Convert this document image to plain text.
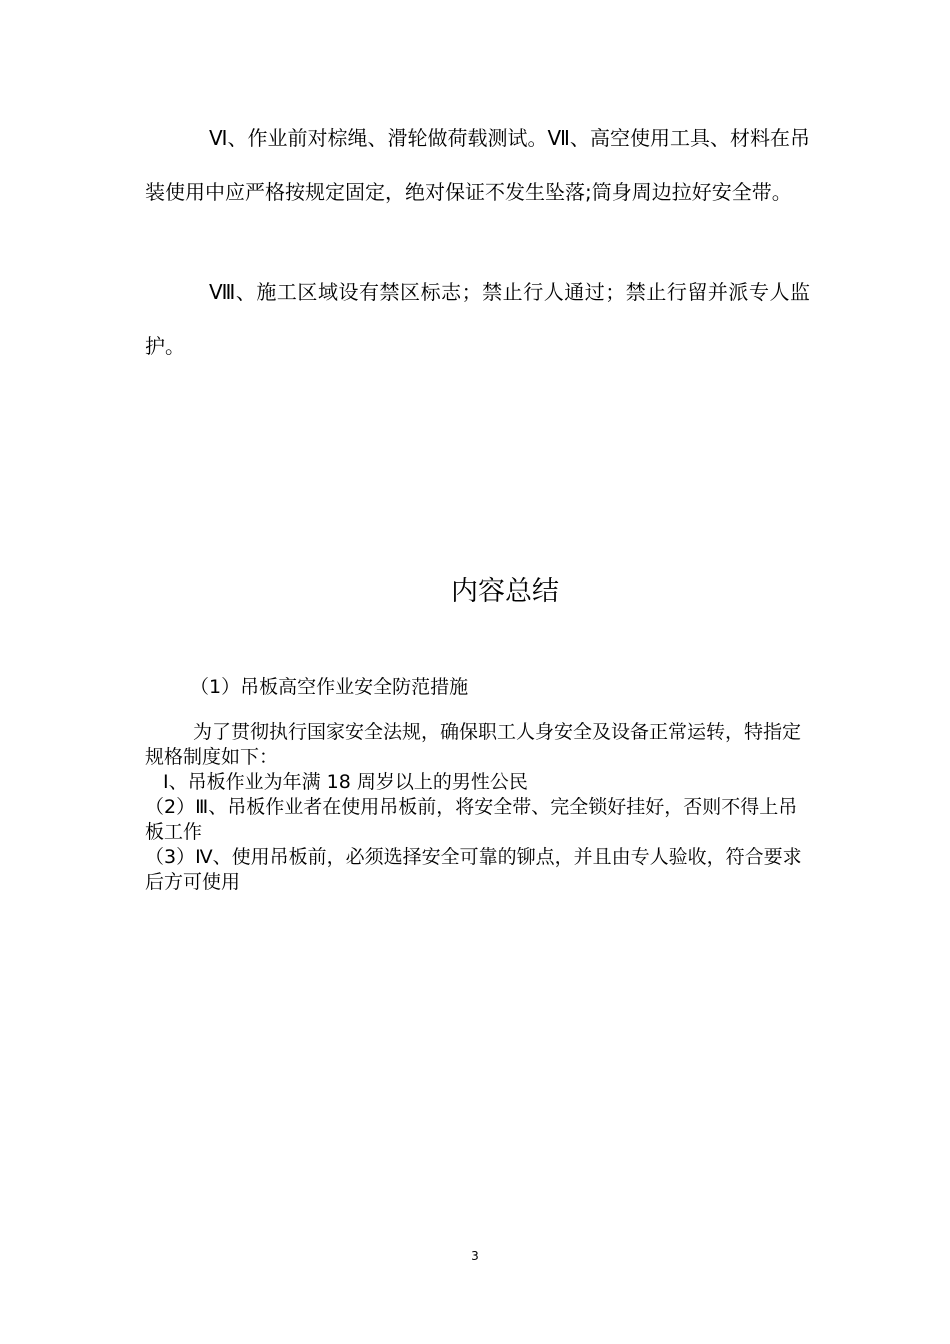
Ⅵ、作业前对棕绳、滑轮做荷载测试。Ⅶ、高空使用工具、材料在吊装使用中应严格按规定固定，绝对保证不发生坠落;筒身周边拉好安全带。

Ⅷ、施工区域设有禁区标志；禁止行人通过；禁止行留并派专人监护。

内容总结

（1）吊板高空作业安全防范措施

为了贯彻执行国家安全法规，确保职工人身安全及设备正常运转，特指定规格制度如下：
Ⅰ、吊板作业为年满 18 周岁以上的男性公民
（2）Ⅲ、吊板作业者在使用吊板前，将安全带、完全锁好挂好，否则不得上吊板工作
（3）Ⅳ、使用吊板前，必须选择安全可靠的铆点，并且由专人验收，符合要求后方可使用
3
